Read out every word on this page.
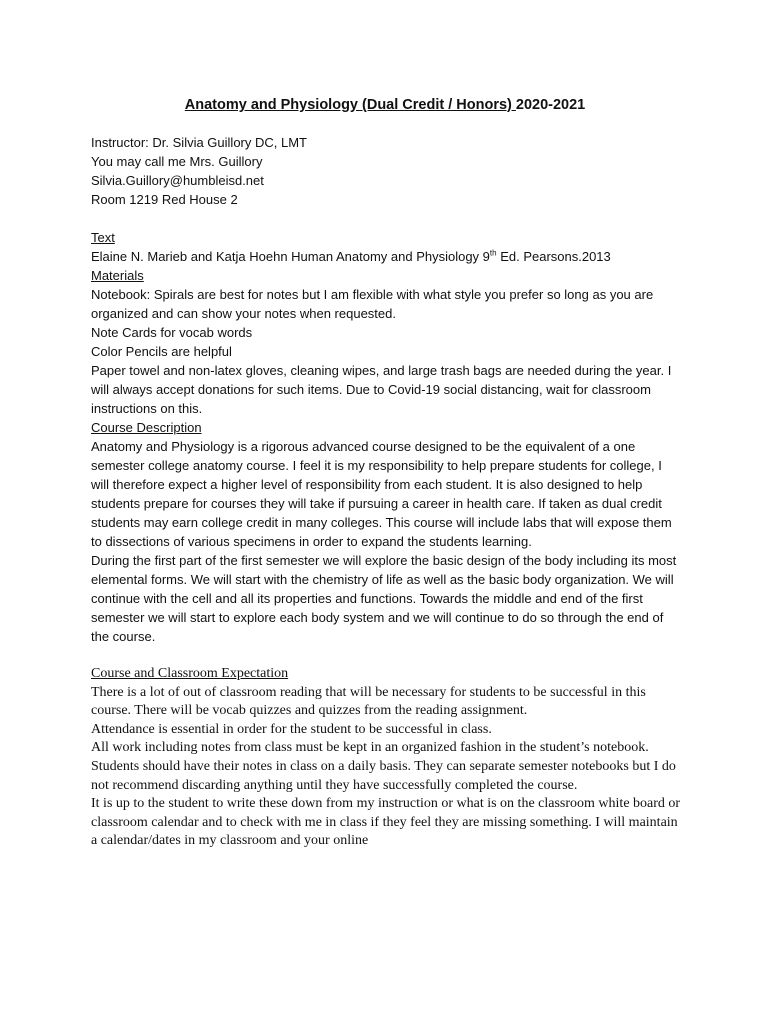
Anatomy and Physiology (Dual Credit / Honors) 2020-2021

Instructor: Dr. Silvia Guillory DC, LMT

You may call me Mrs. Guillory

Silvia.Guillory@humbleisd.net

Room 1219 Red House 2

Text

Elaine N. Marieb and Katja Hoehn Human Anatomy and Physiology 9th Ed. Pearsons.2013

Materials

Notebook: Spirals are best for notes but I am flexible with what style you prefer so long as you are organized and can show your notes when requested.

Note Cards for vocab words

Color Pencils are helpful

Paper towel and non-latex gloves, cleaning wipes, and large trash bags are needed during the year. I will always accept donations for such items. Due to Covid-19 social distancing, wait for classroom instructions on this.

Course Description

Anatomy and Physiology is a rigorous advanced course designed to be the equivalent of a one semester college anatomy course. I feel it is my responsibility to help prepare students for college, I will therefore expect a higher level of responsibility from each student. It is also designed to help students prepare for courses they will take if pursuing a career in health care. If taken as dual credit students may earn college credit in many colleges. This course will include labs that will expose them to dissections of various specimens in order to expand the students learning.

During the first part of the first semester we will explore the basic design of the body including its most elemental forms. We will start with the chemistry of life as well as the basic body organization. We will continue with the cell and all its properties and functions. Towards the middle and end of the first semester we will start to explore each body system and we will continue to do so through the end of the course.

Course and Classroom Expectation

There is a lot of out of classroom reading that will be necessary for students to be successful in this course. There will be vocab quizzes and quizzes from the reading assignment.

Attendance is essential in order for the student to be successful in class.

All work including notes from class must be kept in an organized fashion in the student’s notebook. Students should have their notes in class on a daily basis. They can separate semester notebooks but I do not recommend discarding anything until they have successfully completed the course.

It is up to the student to write these down from my instruction or what is on the classroom white board or classroom calendar and to check with me in class if they feel they are missing something. I will maintain a calendar/dates in my classroom and your online
